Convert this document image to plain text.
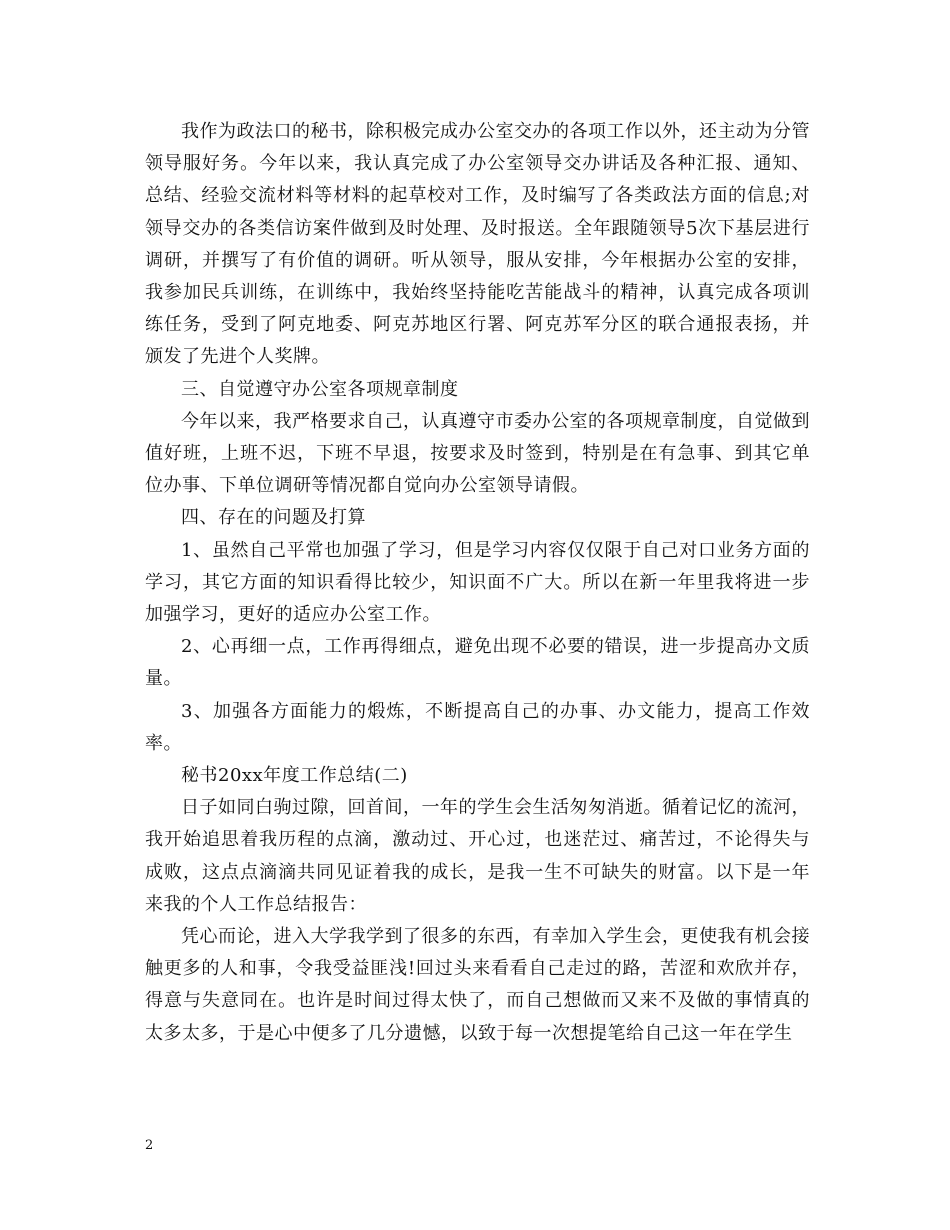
我作为政法口的秘书，除积极完成办公室交办的各项工作以外，还主动为分管领导服好务。今年以来，我认真完成了办公室领导交办讲话及各种汇报、通知、总结、经验交流材料等材料的起草校对工作，及时编写了各类政法方面的信息;对领导交办的各类信访案件做到及时处理、及时报送。全年跟随领导5次下基层进行调研，并撰写了有价值的调研。听从领导，服从安排，今年根据办公室的安排，我参加民兵训练，在训练中，我始终坚持能吃苦能战斗的精神，认真完成各项训练任务，受到了阿克地委、阿克苏地区行署、阿克苏军分区的联合通报表扬，并颁发了先进个人奖牌。

三、自觉遵守办公室各项规章制度

今年以来，我严格要求自己，认真遵守市委办公室的各项规章制度，自觉做到值好班，上班不迟，下班不早退，按要求及时签到，特别是在有急事、到其它单位办事、下单位调研等情况都自觉向办公室领导请假。

四、存在的问题及打算

1、虽然自己平常也加强了学习，但是学习内容仅仅限于自己对口业务方面的学习，其它方面的知识看得比较少，知识面不广大。所以在新一年里我将进一步加强学习，更好的适应办公室工作。

2、心再细一点，工作再得细点，避免出现不必要的错误，进一步提高办文质量。

3、加强各方面能力的煅炼，不断提高自己的办事、办文能力，提高工作效率。

秘书20xx年度工作总结(二)

日子如同白驹过隙，回首间，一年的学生会生活匆匆消逝。循着记忆的流河，我开始追思着我历程的点滴，激动过、开心过，也迷茫过、痛苦过，不论得失与成败，这点点滴滴共同见证着我的成长，是我一生不可缺失的财富。以下是一年来我的个人工作总结报告：

凭心而论，进入大学我学到了很多的东西，有幸加入学生会，更使我有机会接触更多的人和事，令我受益匪浅!回过头来看看自己走过的路，苦涩和欢欣并存，得意与失意同在。也许是时间过得太快了，而自己想做而又来不及做的事情真的太多太多，于是心中便多了几分遗憾，以致于每一次想提笔给自己这一年在学生

2
